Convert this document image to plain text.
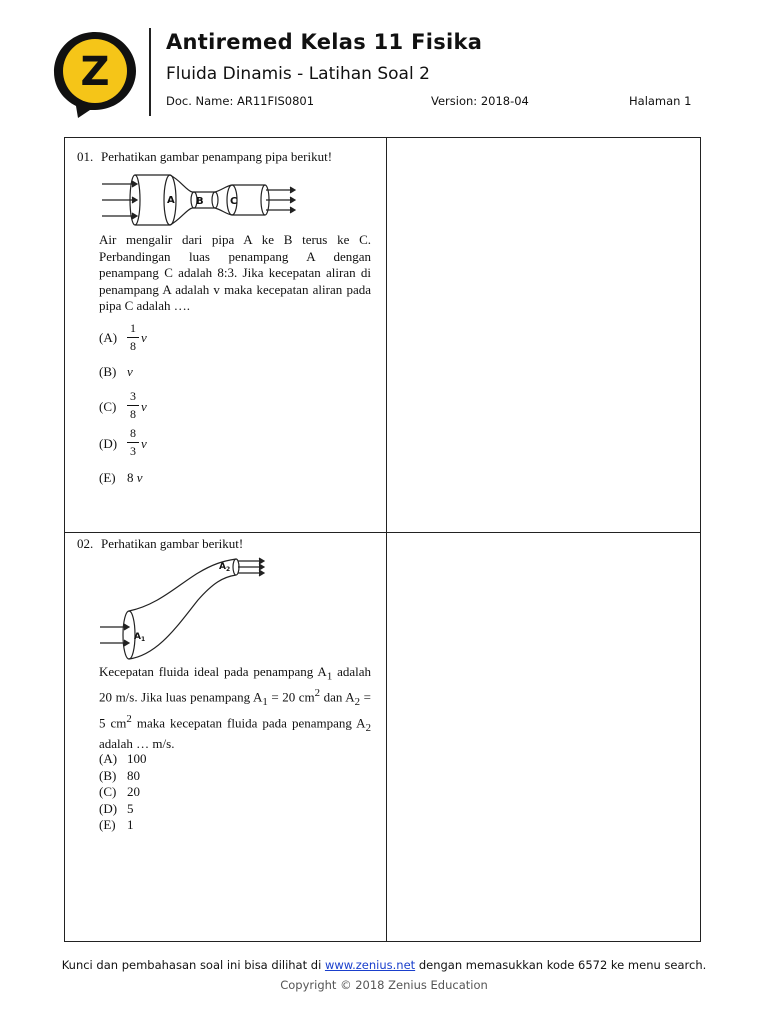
Z
Antiremed Kelas 11 Fisika
Fluida Dinamis - Latihan Soal 2
Doc. Name: AR11FIS0801	Version: 2018-04	Halaman 1
01. Perhatikan gambar penampang pipa berikut!
A B	C
Air mengalir dari pipa A ke B terus ke C. Perbandingan luas penampang A dengan penampang C adalah 8:3. Jika kecepatan aliran di penampang A adalah v maka kecepatan aliran pada pipa C adalah ….
(A)
1
8
v
(B) v
(C)
3
8 v
(D)
8
3 v
(E) 8 v
02. Perhatikan gambar berikut!
A 1
A 2
Kecepatan fluida ideal pada penampang $A_1$ adalah 20 m/s. Jika luas penampang $A_1 = 20$ $cm^2$ dan $A_2 = 5$ $cm^2$ maka kecepatan fluida pada penampang $A_2$ adalah … m/s.
(A) 100
(B) 80
(C) 20
(D) 5
(E) 1
Kunci dan pembahasan soal ini bisa dilihat di www.zenius.net dengan memasukkan kode 6572 ke menu search.
Copyright © 2018 Zenius Education
